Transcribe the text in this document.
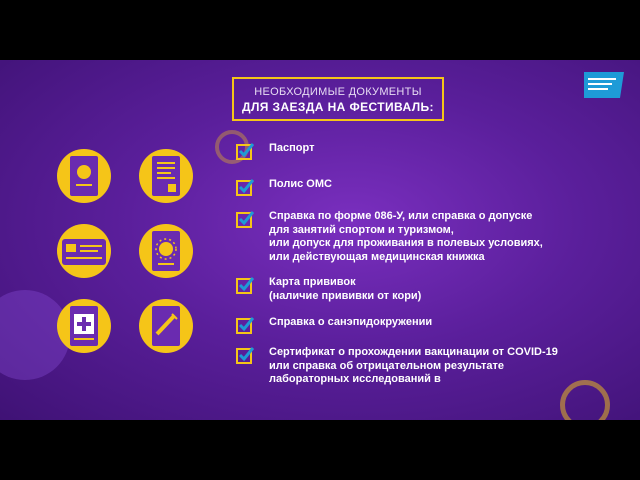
НЕОБХОДИМЫЕ ДОКУМЕНТЫ
ДЛЯ ЗАЕЗДА НА ФЕСТИВАЛЬ:
Паспорт
Полис ОМС
Справка по форме 086-У, или справка о допуске
для занятий спортом и туризмом,
или допуск для проживания в полевых условиях,
или действующая медицинская книжка
Карта прививок
(наличие прививки от кори)
Справка о санэпидокружении
Сертификат о прохождении вакцинации от COVID-19
или справка об отрицательном результате
лабораторных исследований в
